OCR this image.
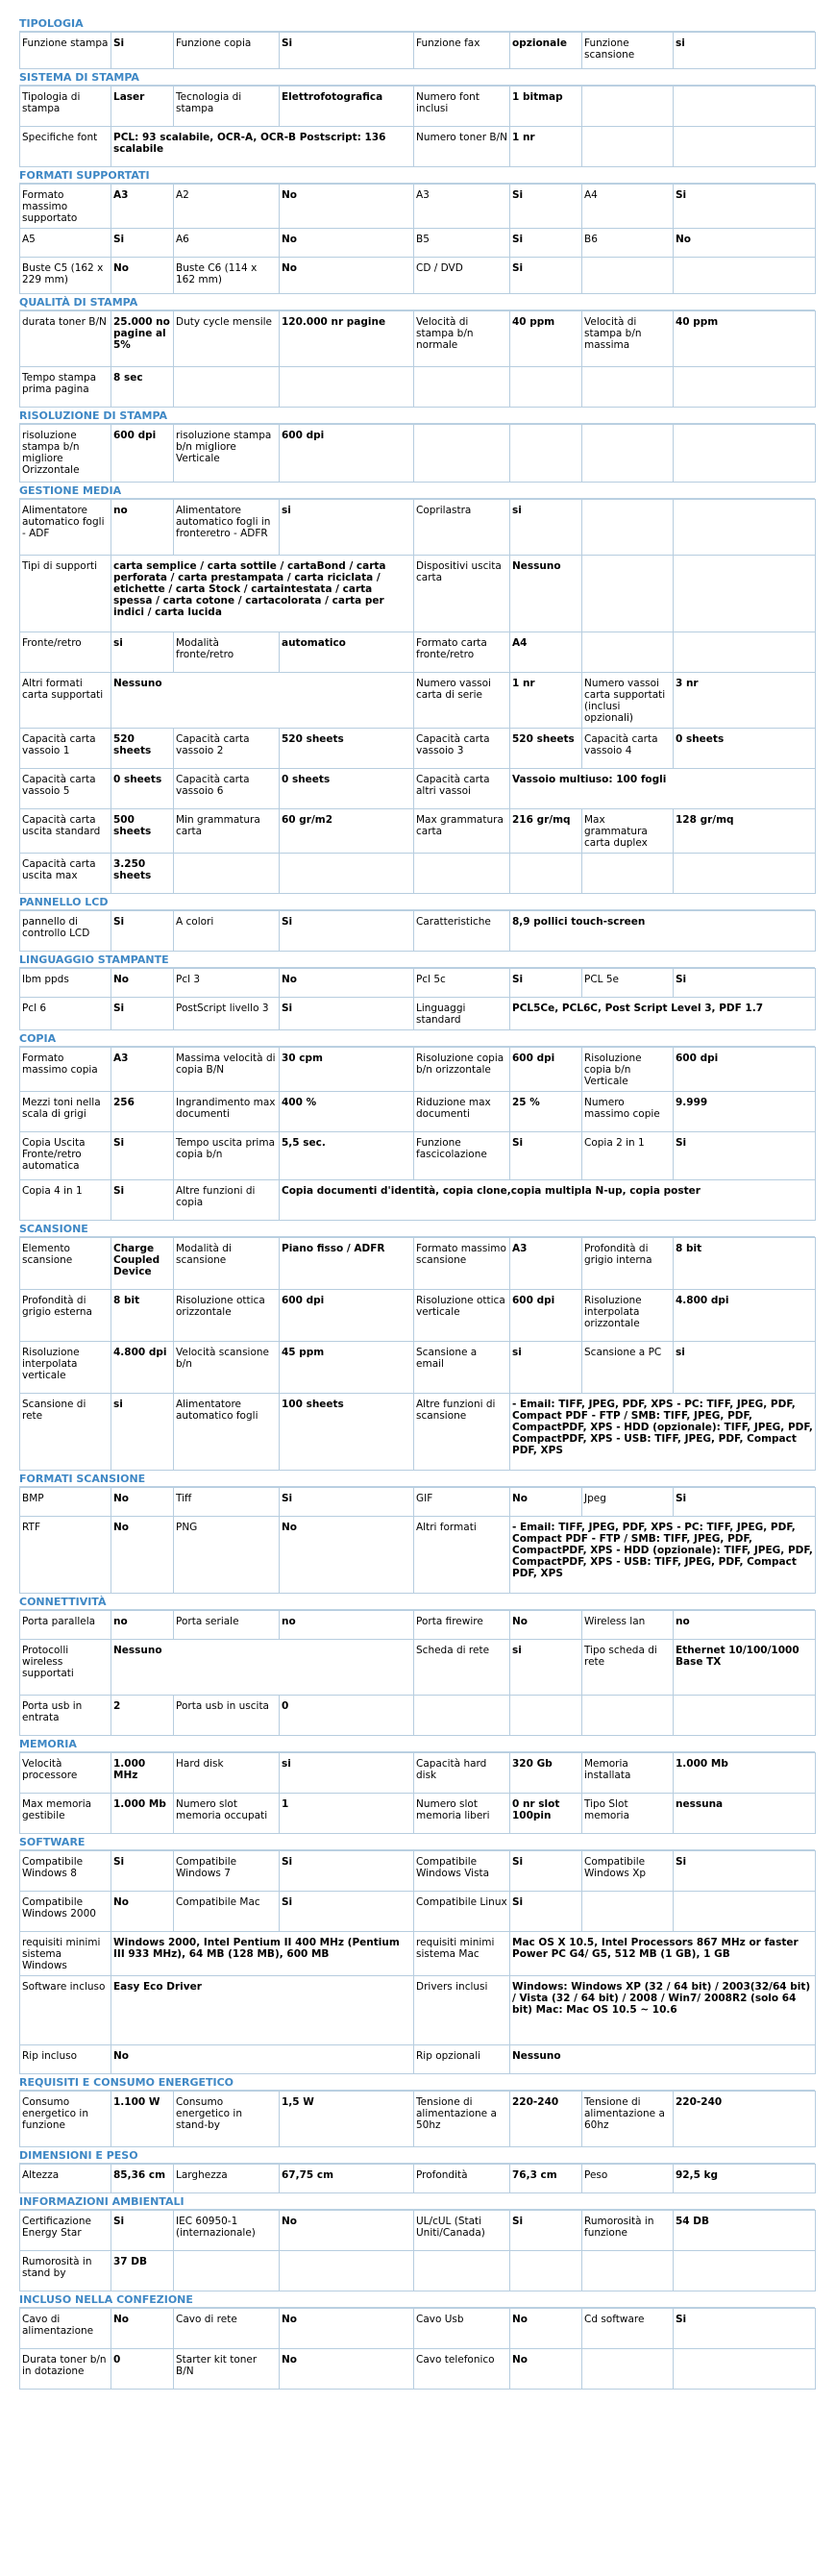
TIPOLOGIA
Funzione stampa	Si	Funzione copia	Si	Funzione fax	opzionale	Funzione scansione	si
SISTEMA DI STAMPA
Tipologia di stampa	Laser	Tecnologia di stampa	Elettrofotografica	Numero font inclusi	1 bitmap		
Specifiche font	PCL: 93 scalabile, OCR-A, OCR-B Postscript: 136 scalabile			Numero toner B/N	1 nr		
FORMATI SUPPORTATI
Formato massimo supportato	A3	A2	No	A3	Si	A4	Si
A5	Si	A6	No	B5	Si	B6	No
Buste C5 (162 x 229 mm)	No	Buste C6 (114 x 162 mm)	No	CD / DVD	Si		
QUALITÀ DI STAMPA
durata toner B/N	25.000 no pagine al 5%	Duty cycle mensile	120.000 nr pagine	Velocità di stampa b/n normale	40 ppm	Velocità di stampa b/n massima	40 ppm
Tempo stampa prima pagina	8 sec						
RISOLUZIONE DI STAMPA
risoluzione stampa b/n migliore Orizzontale	600 dpi	risoluzione stampa b/n migliore Verticale	600 dpi				
GESTIONE MEDIA
Alimentatore automatico fogli - ADF	no	Alimentatore automatico fogli in fronteretro - ADFR	si	Coprilastra	si		
Tipi di supporti	carta semplice / carta sottile / cartaBond / carta perforata / carta prestampata / carta riciclata / etichette / carta Stock / cartaintestata / carta spessa / carta cotone / cartacolorata / carta per indici / carta lucida			Dispositivi uscita carta	Nessuno		
Fronte/retro	si	Modalità fronte/retro	automatico	Formato carta fronte/retro	A4		
Altri formati carta supportati	Nessuno			Numero vassoi carta di serie	1 nr	Numero vassoi carta supportati (inclusi opzionali)	3 nr
Capacità carta vassoio 1	520 sheets	Capacità carta vassoio 2	520 sheets	Capacità carta vassoio 3	520 sheets	Capacità carta vassoio 4	0 sheets
Capacità carta vassoio 5	0 sheets	Capacità carta vassoio 6	0 sheets	Capacità carta altri vassoi	Vassoio multiuso: 100 fogli		
Capacità carta uscita standard	500 sheets	Min grammatura carta	60 gr/m2	Max grammatura carta	216 gr/mq	Max grammatura carta duplex	128 gr/mq
Capacità carta uscita max	3.250 sheets						
PANNELLO LCD
pannello di controllo LCD	Si	A colori	Si	Caratteristiche	8,9 pollici touch-screen
LINGUAGGIO STAMPANTE
Ibm ppds	No	Pcl 3	No	Pcl 5c	Si	PCL 5e	Si
Pcl 6	Si	PostScript livello 3	Si	Linguaggi standard	PCL5Ce, PCL6C, Post Script Level 3, PDF 1.7		
COPIA
Formato massimo copia	A3	Massima velocità di copia B/N	30 cpm	Risoluzione copia b/n orizzontale	600 dpi	Risoluzione copia b/n Verticale	600 dpi	
Mezzi toni nella scala di grigi	256	Ingrandimento max documenti	400 %	Riduzione max documenti	25 %	Numero massimo copie	9.999	
Copia Uscita Fronte/retro automatica	Si	Tempo uscita prima copia b/n	5,5 sec.	Funzione fascicolazione	Si	Copia 2 in 1	Si	
Copia 4 in 1	Si	Altre funzioni di copia	Copia documenti d'identità, copia clone,copia multipla N-up, copia poster					
SCANSIONE
Elemento scansione	Charge Coupled Device	Modalità di scansione	Piano fisso / ADFR	Formato massimo scansione	A3	Profondità di grigio interna	8 bit
Profondità di grigio esterna	8 bit	Risoluzione ottica orizzontale	600 dpi	Risoluzione ottica verticale	600 dpi	Risoluzione interpolata orizzontale	4.800 dpi
Risoluzione interpolata verticale	4.800 dpi	Velocità scansione b/n	45 ppm	Scansione a email	si	Scansione a PC	si
Scansione di rete	si	Alimentatore automatico fogli	100 sheets	Altre funzioni di scansione	- Email: TIFF, JPEG, PDF, XPS - PC: TIFF, JPEG, PDF, Compact PDF - FTP / SMB: TIFF, JPEG, PDF, CompactPDF, XPS - HDD (opzionale): TIFF, JPEG, PDF, CompactPDF, XPS - USB: TIFF, JPEG, PDF, Compact PDF, XPS		
FORMATI SCANSIONE
BMP	No	Tiff	Si	GIF	No	Jpeg	Si
RTF	No	PNG	No	Altri formati	- Email: TIFF, JPEG, PDF, XPS - PC: TIFF, JPEG, PDF, Compact PDF - FTP / SMB: TIFF, JPEG, PDF, CompactPDF, XPS - HDD (opzionale): TIFF, JPEG, PDF, CompactPDF, XPS - USB: TIFF, JPEG, PDF, Compact PDF, XPS		
CONNETTIVITÀ
Porta parallela	no	Porta seriale	no	Porta firewire	No	Wireless lan	no
Protocolli wireless supportati	Nessuno			Scheda di rete	si	Tipo scheda di rete	Ethernet 10/100/1000 Base TX
Porta usb in entrata	2	Porta usb in uscita	0				
MEMORIA
Velocità processore	1.000 MHz	Hard disk	si	Capacità hard disk	320 Gb	Memoria installata	1.000 Mb
Max memoria gestibile	1.000 Mb	Numero slot memoria occupati	1	Numero slot memoria liberi	0 nr slot 100pin	Tipo Slot memoria	nessuna
SOFTWARE
Compatibile Windows 8	Si	Compatibile Windows 7	Si	Compatibile Windows Vista	Si	Compatibile Windows Xp	Si
Compatibile Windows 2000	No	Compatibile Mac	Si	Compatibile Linux	Si		
requisiti minimi sistema Windows	Windows 2000, Intel Pentium II 400 MHz (Pentium III 933 MHz), 64 MB (128 MB), 600 MB			requisiti minimi sistema Mac	Mac OS X 10.5, Intel Processors 867 MHz or faster Power PC G4/ G5, 512 MB (1 GB), 1 GB		
Software incluso	Easy Eco Driver			Drivers inclusi	Windows: Windows XP (32 / 64 bit) / 2003(32/64 bit) / Vista (32 / 64 bit) / 2008 / Win7/ 2008R2 (solo 64 bit) Mac: Mac OS 10.5 ~ 10.6		
Rip incluso	No			Rip opzionali	Nessuno		
REQUISITI E CONSUMO ENERGETICO
Consumo energetico in funzione	1.100 W	Consumo energetico in stand-by	1,5 W	Tensione di alimentazione a 50hz	220-240	Tensione di alimentazione a 60hz	220-240
DIMENSIONI E PESO
Altezza	85,36 cm	Larghezza	67,75 cm	Profondità	76,3 cm	Peso	92,5 kg
INFORMAZIONI AMBIENTALI
Certificazione Energy Star	Si	IEC 60950-1 (internazionale)	No	UL/cUL (Stati Uniti/Canada)	Si	Rumorosità in funzione	54 DB
Rumorosità in stand by	37 DB						
INCLUSO NELLA CONFEZIONE
Cavo di alimentazione	No	Cavo di rete	No	Cavo Usb	No	Cd software	Si
Durata toner b/n in dotazione	0	Starter kit toner B/N	No	Cavo telefonico	No		
